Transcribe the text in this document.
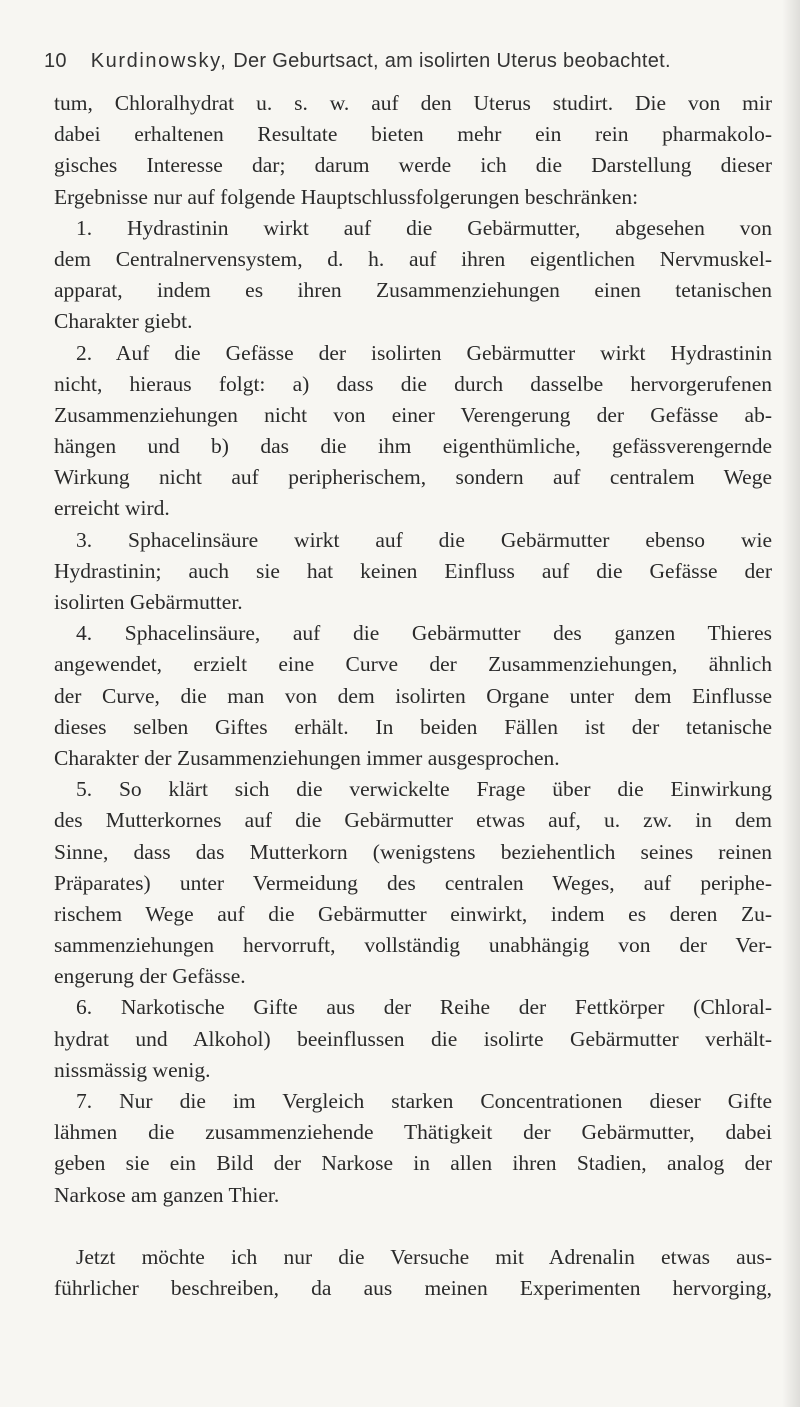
10 Kurdinowsky, Der Geburtsact, am isolirten Uterus beobachtet.
tum, Chloralhydrat u. s. w. auf den Uterus studirt. Die von mir
dabei erhaltenen Resultate bieten mehr ein rein pharmakolo-
gisches Interesse dar; darum werde ich die Darstellung dieser
Ergebnisse nur auf folgende Hauptschlussfolgerungen beschränken:
1. Hydrastinin wirkt auf die Gebärmutter, abgesehen von
dem Centralnervensystem, d. h. auf ihren eigentlichen Nervmuskel-
apparat, indem es ihren Zusammenziehungen einen tetanischen
Charakter giebt.
2. Auf die Gefässe der isolirten Gebärmutter wirkt Hydrastinin
nicht, hieraus folgt: a) dass die durch dasselbe hervorgerufenen
Zusammenziehungen nicht von einer Verengerung der Gefässe ab-
hängen und b) das die ihm eigenthümliche, gefässverengernde
Wirkung nicht auf peripherischem, sondern auf centralem Wege
erreicht wird.
3. Sphacelinsäure wirkt auf die Gebärmutter ebenso wie
Hydrastinin; auch sie hat keinen Einfluss auf die Gefässe der
isolirten Gebärmutter.
4. Sphacelinsäure, auf die Gebärmutter des ganzen Thieres
angewendet, erzielt eine Curve der Zusammenziehungen, ähnlich
der Curve, die man von dem isolirten Organe unter dem Einflusse
dieses selben Giftes erhält. In beiden Fällen ist der tetanische
Charakter der Zusammenziehungen immer ausgesprochen.
5. So klärt sich die verwickelte Frage über die Einwirkung
des Mutterkornes auf die Gebärmutter etwas auf, u. zw. in dem
Sinne, dass das Mutterkorn (wenigstens beziehentlich seines reinen
Präparates) unter Vermeidung des centralen Weges, auf periphe-
rischem Wege auf die Gebärmutter einwirkt, indem es deren Zu-
sammenziehungen hervorruft, vollständig unabhängig von der Ver-
engerung der Gefässe.
6. Narkotische Gifte aus der Reihe der Fettkörper (Chloral-
hydrat und Alkohol) beeinflussen die isolirte Gebärmutter verhält-
nissmässig wenig.
7. Nur die im Vergleich starken Concentrationen dieser Gifte
lähmen die zusammenziehende Thätigkeit der Gebärmutter, dabei
geben sie ein Bild der Narkose in allen ihren Stadien, analog der
Narkose am ganzen Thier.
Jetzt möchte ich nur die Versuche mit Adrenalin etwas aus-
führlicher beschreiben, da aus meinen Experimenten hervorging,
